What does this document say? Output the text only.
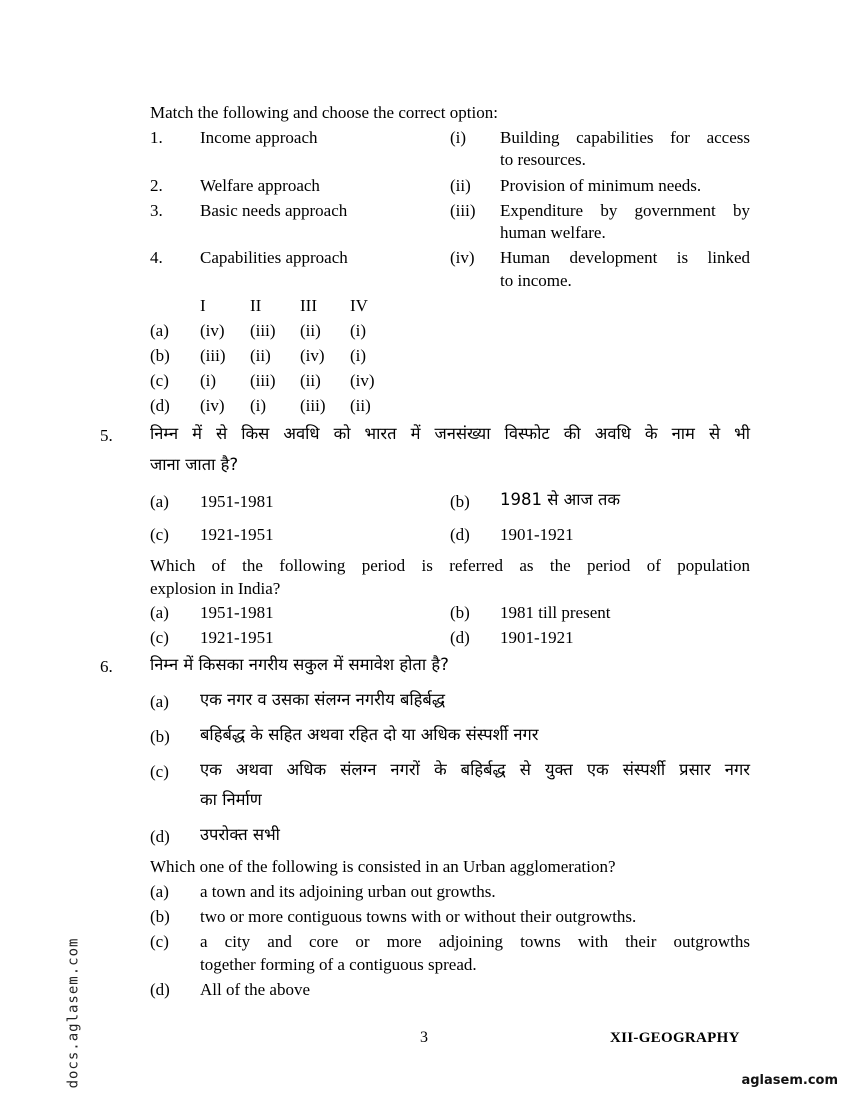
Match the following and choose the correct option:
1. Income approach	(i) Building capabilities for access
to resources.
2. Welfare approach	(ii) Provision of minimum needs.
3. Basic needs approach	(iii) Expenditure by government by
human welfare.
4. Capabilities approach	(iv) Human development is linked
to income.
I	II III IV
(a) (iv) (iii) (ii) (i)
(b) (iii) (ii) (iv) (i)
(c) (i) (iii) (ii) (iv)
(d) (iv) (i) (iii) (ii)
5. निम्न में से किस अवधि को भारत में जनसंख्या विस्फोट की अवधि के नाम से भी
जाना जाता है?
(a) 1951-1981	(b) 1981 से आज तक
(c) 1921-1951	(d) 1901-1921
Which of the following period is referred as the period of population
explosion in India?
(a) 1951-1981	(b) 1981 till present
(c) 1921-1951	(d) 1901-1921
6. निम्न में किसका नगरीय सकुल में समावेश होता है?
(a) एक नगर व उसका संलग्न नगरीय बहिर्बद्ध
(b) बहिर्बद्ध के सहित अथवा रहित दो या अधिक संस्पर्शी नगर
(c) एक अथवा अधिक संलग्न नगरों के बहिर्बद्ध से युक्त एक संस्पर्शी प्रसार नगर
का निर्माण
(d) उपरोक्त सभी
Which one of the following is consisted in an Urban agglomeration?
(a) a town and its adjoining urban out growths.
(b) two or more contiguous towns with or without their outgrowths.
(c) a city and core or more adjoining towns with their outgrowths
together forming of a contiguous spread.
(d) All of the above
3	XII-GEOGRAPHY
docs.aglasem.com	aglasem.com
